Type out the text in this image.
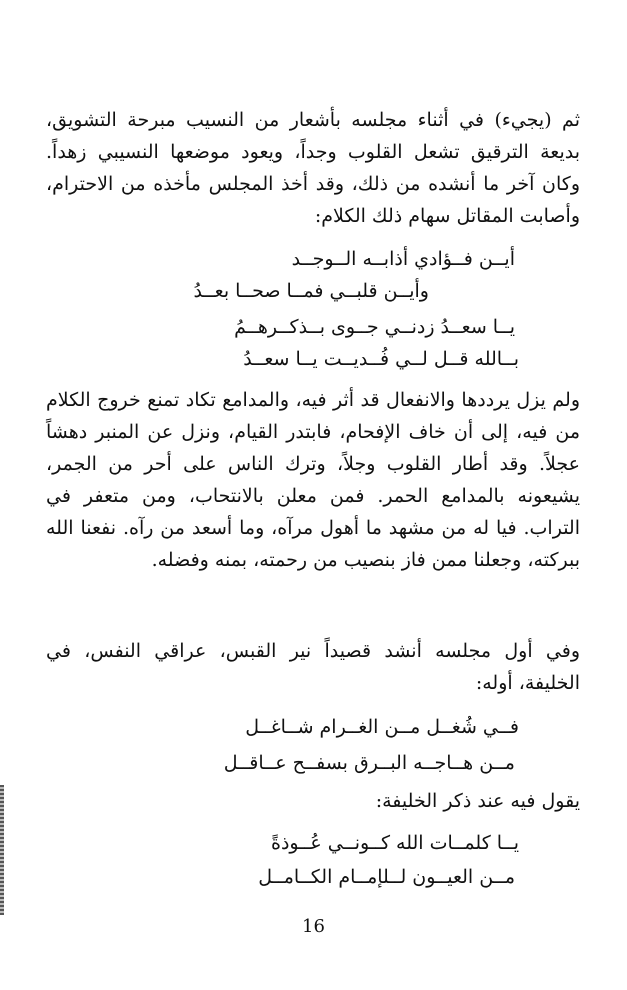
ثم (يجيء) في أثناء مجلسه بأشعار من النسيب مبرحة التشويق، بديعة الترقيق تشعل القلوب وجداً، ويعود موضعها النسيبي زهداً. وكان آخر ما أنشده من ذلك، وقد أخذ المجلس مأخذه من الاحترام، وأصابت المقاتل سهام ذلك الكلام:

أيــن فــؤادي أذابــه الــوجــد

وأيــن قلبــي فمــا صحــا بعــدُ

يــا سعــدُ زدنــي جــوى بــذكــرهــمُ

بــالله قــل لــي فُــديــت يــا سعــدُ

ولم يزل يرددها والانفعال قد أثر فيه، والمدامع تكاد تمنع خروج الكلام من فيه، إلى أن خاف الإفحام، فابتدر القيام، ونزل عن المنبر دهشاً عجلاً. وقد أطار القلوب وجلاً، وترك الناس على أحر من الجمر، يشيعونه بالمدامع الحمر. فمن معلن بالانتحاب، ومن متعفر في التراب. فيا له من مشهد ما أهول مرآه، وما أسعد من رآه. نفعنا الله ببركته، وجعلنا ممن فاز بنصيب من رحمته، بمنه وفضله.

وفي أول مجلسه أنشد قصيداً نير القبس، عراقي النفس، في الخليفة، أوله:

فــي شُغــل مــن الغــرام شــاغــل

مــن هــاجــه البــرق بسفــح عــاقــل

يقول فيه عند ذكر الخليفة:

يــا كلمــات الله كــونــي عُــوذةً

مــن العيــون لــلإمــام الكــامــل

16
